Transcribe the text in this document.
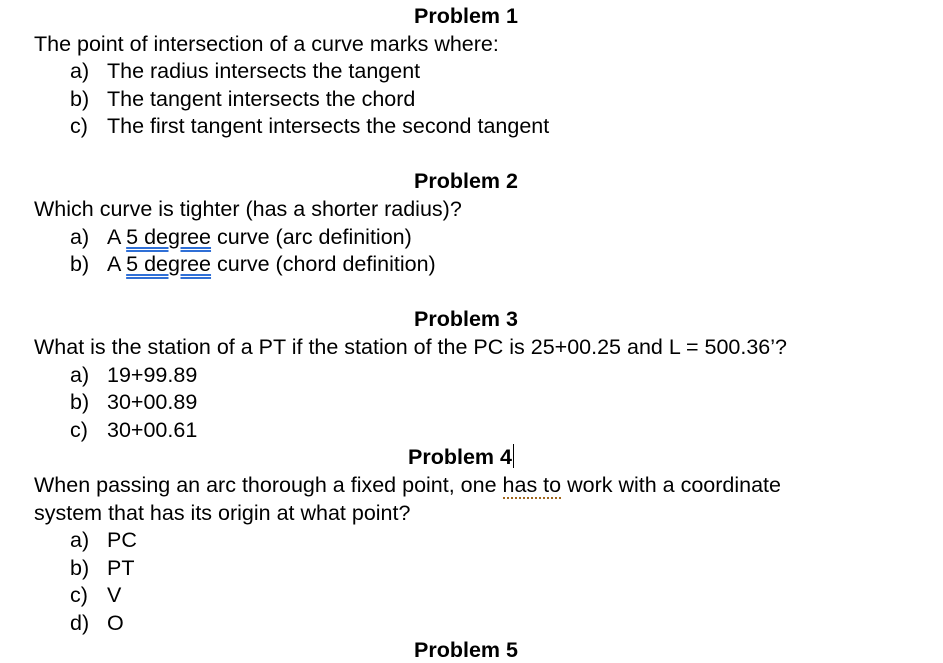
Problem 1
The point of intersection of a curve marks where:
a) The radius intersects the tangent
b) The tangent intersects the chord
c) The first tangent intersects the second tangent
Problem 2
Which curve is tighter (has a shorter radius)?
a) A 5 degree curve (arc definition)
b) A 5 degree curve (chord definition)
Problem 3
What is the station of a PT if the station of the PC is 25+00.25 and L = 500.36’?
a) 19+99.89
b) 30+00.89
c) 30+00.61
Problem 4
When passing an arc thorough a fixed point, one has to work with a coordinate
system that has its origin at what point?
a) PC
b) PT
c) V
d) O
Problem 5
